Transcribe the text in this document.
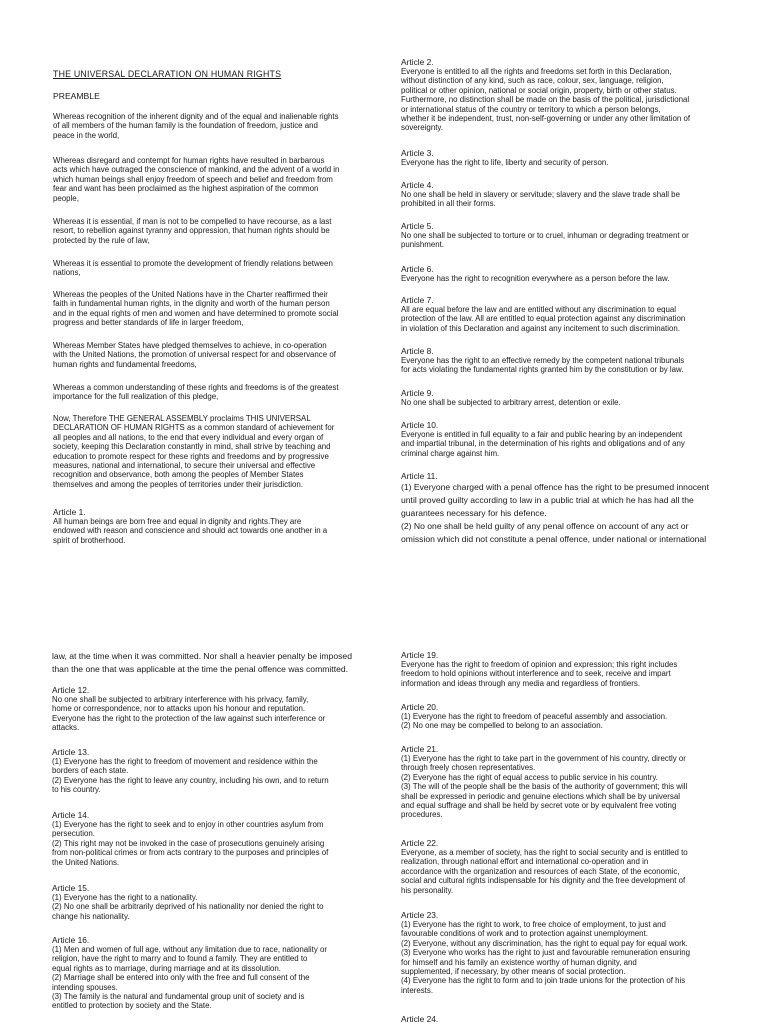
THE UNIVERSAL DECLARATION ON HUMAN RIGHTS
PREAMBLE

Whereas recognition of the inherent dignity and of the equal and inalienable rights
of all members of the human family is the foundation of freedom, justice and
peace in the world,

Whereas disregard and contempt for human rights have resulted in barbarous
acts which have outraged the conscience of mankind, and the advent of a world in
which human beings shall enjoy freedom of speech and belief and freedom from
fear and want has been proclaimed as the highest aspiration of the common
people,

Whereas it is essential, if man is not to be compelled to have recourse, as a last
resort, to rebellion against tyranny and oppression, that human rights should be
protected by the rule of law,

Whereas it is essential to promote the development of friendly relations between
nations,

Whereas the peoples of the United Nations have in the Charter reaffirmed their
faith in fundamental human rights, in the dignity and worth of the human person
and in the equal rights of men and women and have determined to promote social
progress and better standards of life in larger freedom,

Whereas Member States have pledged themselves to achieve, in co-operation
with the United Nations, the promotion of universal respect for and observance of
human rights and fundamental freedoms,

Whereas a common understanding of these rights and freedoms is of the greatest
importance for the full realization of this pledge,

Now, Therefore THE GENERAL ASSEMBLY proclaims THIS UNIVERSAL
DECLARATION OF HUMAN RIGHTS as a common standard of achievement for
all peoples and all nations, to the end that every individual and every organ of
society, keeping this Declaration constantly in mind, shall strive by teaching and
education to promote respect for these rights and freedoms and by progressive
measures, national and international, to secure their universal and effective
recognition and observance, both among the peoples of Member States
themselves and among the peoples of territories under their jurisdiction.

Article 1.

All human beings are born free and equal in dignity and rights.They are
endowed with reason and conscience and should act towards one another in a
spirit of brotherhood.

Article 2.

Everyone is entitled to all the rights and freedoms set forth in this Declaration,
without distinction of any kind, such as race, colour, sex, language, religion,
political or other opinion, national or social origin, property, birth or other status.
Furthermore, no distinction shall be made on the basis of the political, jurisdictional
or international status of the country or territory to which a person belongs,
whether it be independent, trust, non-self-governing or under any other limitation of
sovereignty.

Article 3.

Everyone has the right to life, liberty and security of person.

Article 4.

No one shall be held in slavery or servitude; slavery and the slave trade shall be
prohibited in all their forms.

Article 5.

No one shall be subjected to torture or to cruel, inhuman or degrading treatment or
punishment.

Article 6.

Everyone has the right to recognition everywhere as a person before the law.

Article 7.

All are equal before the law and are entitled without any discrimination to equal
protection of the law. All are entitled to equal protection against any discrimination
in violation of this Declaration and against any incitement to such discrimination.

Article 8.

Everyone has the right to an effective remedy by the competent national tribunals
for acts violating the fundamental rights granted him by the constitution or by law.

Article 9.

No one shall be subjected to arbitrary arrest, detention or exile.

Article 10.

Everyone is entitled in full equality to a fair and public hearing by an independent
and impartial tribunal, in the determination of his rights and obligations and of any
criminal charge against him.

Article 11.

(1) Everyone charged with a penal offence has the right to be presumed innocent
until proved guilty according to law in a public trial at which he has had all the
guarantees necessary for his defence.
(2) No one shall be held guilty of any penal offence on account of any act or
omission which did not constitute a penal offence, under national or international

law, at the time when it was committed. Nor shall a heavier penalty be imposed
than the one that was applicable at the time the penal offence was committed.

Article 12.

No one shall be subjected to arbitrary interference with his privacy, family,
home or correspondence, nor to attacks upon his honour and reputation.
Everyone has the right to the protection of the law against such interference or
attacks.

Article 13.

(1) Everyone has the right to freedom of movement and residence within the
borders of each state.
(2) Everyone has the right to leave any country, including his own, and to return
to his country.

Article 14.

(1) Everyone has the right to seek and to enjoy in other countries asylum from
persecution.
(2) This right may not be invoked in the case of prosecutions genuinely arising
from non-political crimes or from acts contrary to the purposes and principles of
the United Nations.

Article 15.

(1) Everyone has the right to a nationality.
(2) No one shall be arbitrarily deprived of his nationality nor denied the right to
change his nationality.

Article 16.

(1) Men and women of full age, without any limitation due to race, nationality or
religion, have the right to marry and to found a family. They are entitled to
equal rights as to marriage, during marriage and at its dissolution.
(2) Marriage shall be entered into only with the free and full consent of the
intending spouses.
(3) The family is the natural and fundamental group unit of society and is
entitled to protection by society and the State.

Article 19.

Everyone has the right to freedom of opinion and expression; this right includes
freedom to hold opinions without interference and to seek, receive and impart
information and ideas through any media and regardless of frontiers.

Article 20.

(1) Everyone has the right to freedom of peaceful assembly and association.
(2) No one may be compelled to belong to an association.

Article 21.

(1) Everyone has the right to take part in the government of his country, directly or
through freely chosen representatives.
(2) Everyone has the right of equal access to public service in his country.
(3) The will of the people shall be the basis of the authority of government; this will
shall be expressed in periodic and genuine elections which shall be by universal
and equal suffrage and shall be held by secret vote or by equivalent free voting
procedures.

Article 22.

Everyone, as a member of society, has the right to social security and is entitled to
realization, through national effort and international co-operation and in
accordance with the organization and resources of each State, of the economic,
social and cultural rights indispensable for his dignity and the free development of
his personality.

Article 23.

(1) Everyone has the right to work, to free choice of employment, to just and
favourable conditions of work and to protection against unemployment.
(2) Everyone, without any discrimination, has the right to equal pay for equal work.
(3) Everyone who works has the right to just and favourable remuneration ensuring
for himself and his family an existence worthy of human dignity, and
supplemented, if necessary, by other means of social protection.
(4) Everyone has the right to form and to join trade unions for the protection of his
interests.

Article 24.
